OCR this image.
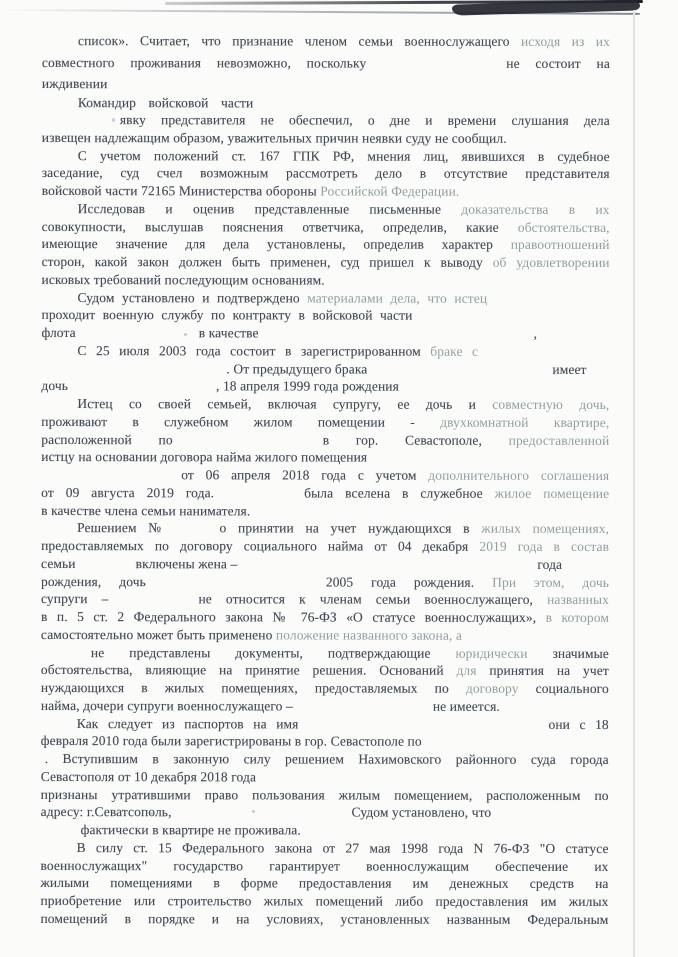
список». Считает, что признание членом семьи военнослужащего исходя из их
совместного проживания невозможно, поскольку	не состоит на
иждивении
Командир войсковой части
явку представителя не обеспечил, о дне и времени слушания дела
извещен надлежащим образом, уважительных причин неявки суду не сообщил.
С учетом положений ст. 167 ГПК РФ, мнения лиц, явившихся в судебное
заседание, суд счел возможным рассмотреть дело в отсутствие представителя
войсковой части 72165 Министерства обороны Российской Федерации.
Исследовав и оценив представленные письменные доказательства в их
совокупности, выслушав пояснения ответчика, определив, какие обстоятельства,
имеющие значение для дела установлены, определив характер правоотношений
сторон, какой закон должен быть применен, суд пришел к выводу об удовлетворении
исковых требований последующим основаниям.
Судом установлено и подтверждено материалами дела, что истец
проходит военную службу по контракту в войсковой части
флота	в качестве	,
С 25 июля 2003 года состоит в зарегистрированном браке с
. От предыдущего брака	имеет
дочь	, 18 апреля 1999 года рождения
Истец со своей семьей, включая супругу, ее дочь и совместную дочь,
проживают в служебном жилом помещении - двухкомнатной квартире,
расположенной по	в гор. Севастополе, предоставленной
истцу на основании договора найма жилого помещения
от 06 апреля 2018 года с учетом дополнительного соглашения
от 09 августа 2019 года.	была вселена в служебное жилое помещение
в качестве члена семьи нанимателя.
Решением №	о принятии на учет нуждающихся в жилых помещениях,
предоставляемых по договору социального найма от 04 декабря 2019 года в состав
семьи	включены жена –	года
рождения, дочь	2005 года рождения. При этом, дочь
супруги –	не относится к членам семьи военнослужащего, названных
в п. 5 ст. 2 Федерального закона № 76-ФЗ «О статусе военнослужащих», в котором
самостоятельно может быть применено положение названного закона, а
не представлены документы, подтверждающие юридически значимые
обстоятельства, влияющие на принятие решения. Оснований для принятия на учет
нуждающихся в жилых помещениях, предоставляемых по договору социального
найма, дочери супруги военнослужащего –	не имеется.
Как следует из паспортов на имя	они с 18
февраля 2010 года были зарегистрированы в гор. Севастополе по
. Вступившим в законную силу решением Нахимовского районного суда города
Севастополя от 10 декабря 2018 года
признаны утратившими право пользования жилым помещением, расположенным по
адресу: г.Севатсополь,	Судом установлено, что
фактически в квартире не проживала.
В силу ст. 15 Федерального закона от 27 мая 1998 года N 76-ФЗ "О статусе
военнослужащих" государство гарантирует военнослужащим обеспечение их
жилыми помещениями в форме предоставления им денежных средств на
приобретение или строительство жилых помещений либо предоставления им жилых
помещений в порядке и на условиях, установленных названным Федеральным
